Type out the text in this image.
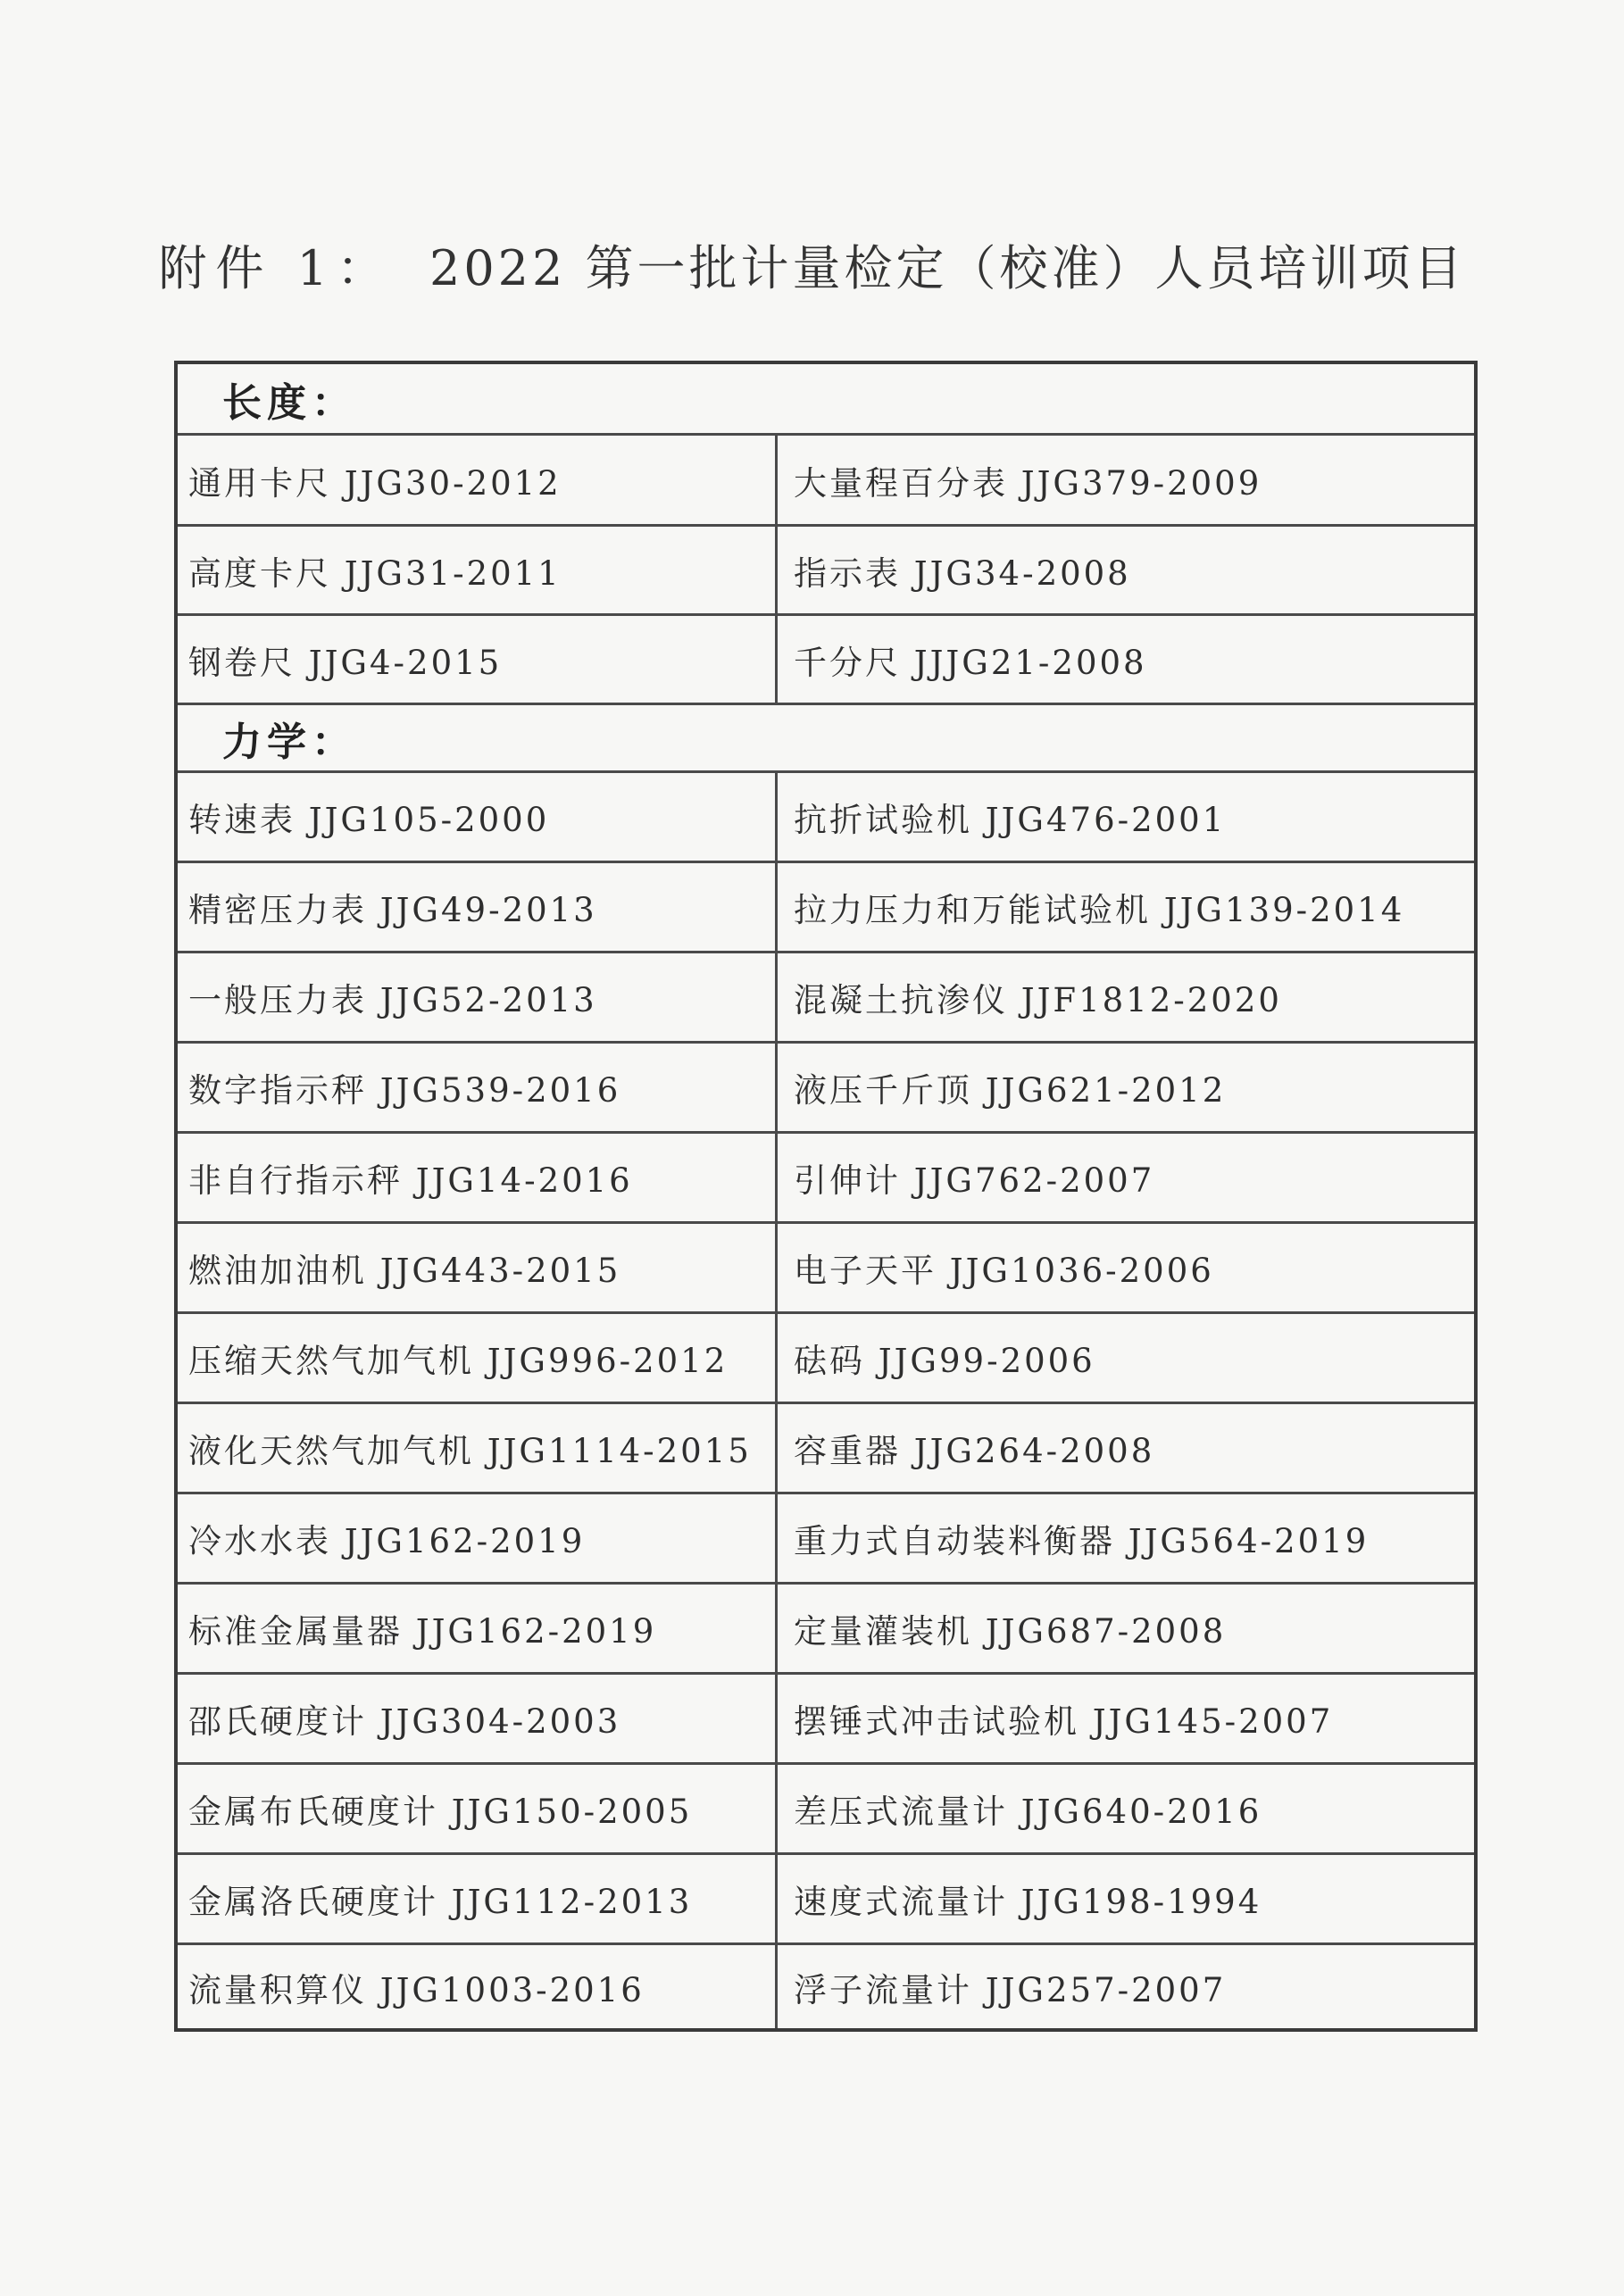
附件 1： 2022 第一批计量检定（校准）人员培训项目
长度：
通用卡尺 JJG30-2012	大量程百分表 JJG379-2009
高度卡尺 JJG31-2011	指示表 JJG34-2008
钢卷尺 JJG4-2015	千分尺 JJJG21-2008
力学：
转速表 JJG105-2000	抗折试验机 JJG476-2001
精密压力表 JJG49-2013	拉力压力和万能试验机 JJG139-2014
一般压力表 JJG52-2013	混凝土抗渗仪 JJF1812-2020
数字指示秤 JJG539-2016	液压千斤顶 JJG621-2012
非自行指示秤 JJG14-2016	引伸计 JJG762-2007
燃油加油机 JJG443-2015	电子天平 JJG1036-2006
压缩天然气加气机 JJG996-2012	砝码 JJG99-2006
液化天然气加气机 JJG1114-2015	容重器 JJG264-2008
冷水水表 JJG162-2019	重力式自动装料衡器 JJG564-2019
标准金属量器 JJG162-2019	定量灌装机 JJG687-2008
邵氏硬度计 JJG304-2003	摆锤式冲击试验机 JJG145-2007
金属布氏硬度计 JJG150-2005	差压式流量计 JJG640-2016
金属洛氏硬度计 JJG112-2013	速度式流量计 JJG198-1994
流量积算仪 JJG1003-2016	浮子流量计 JJG257-2007
